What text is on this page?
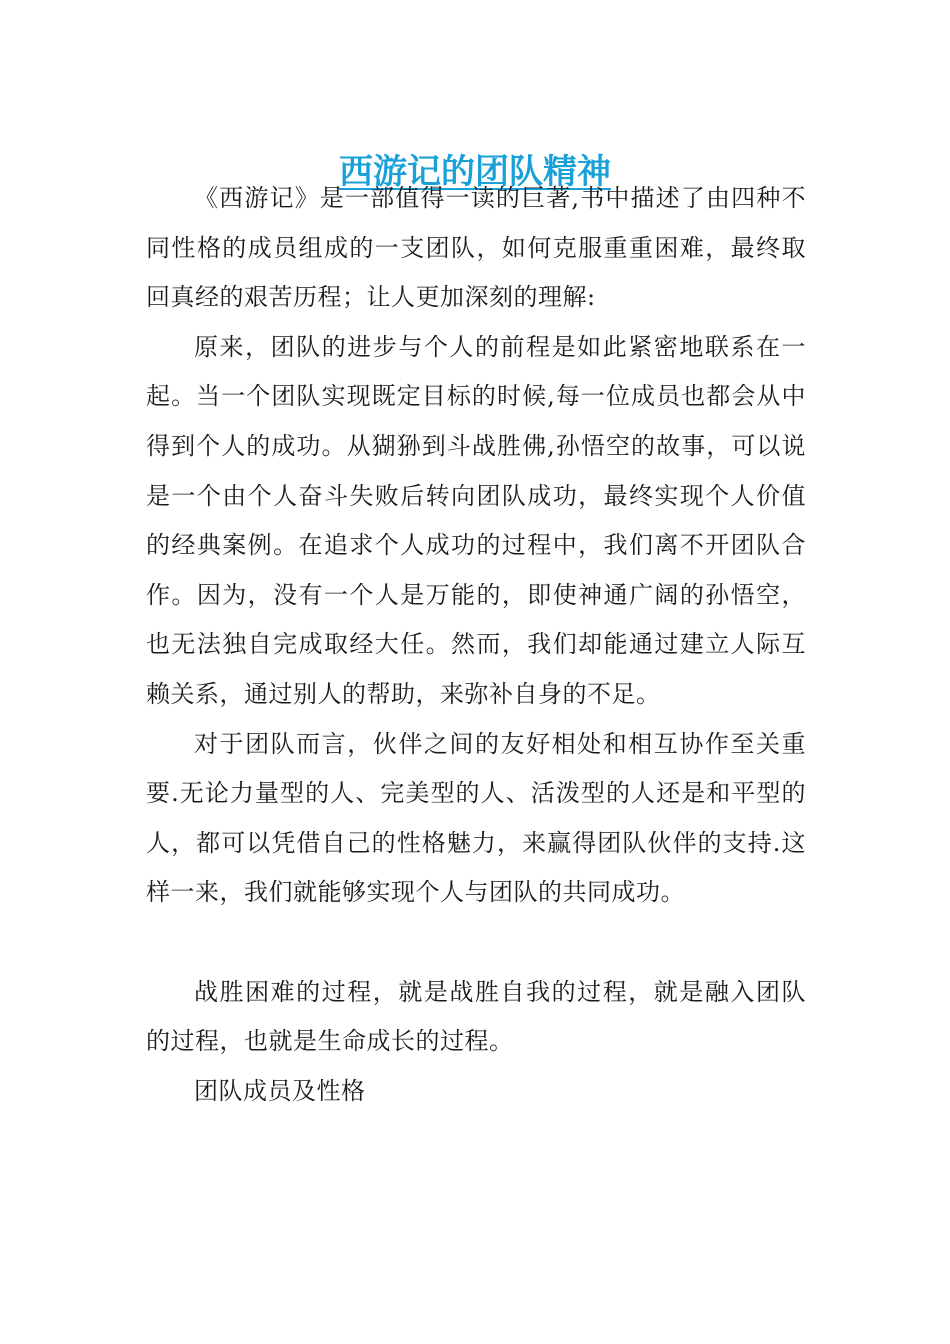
西游记的团队精神

《西游记》是一部值得一读的巨著,书中描述了由四种不同性格的成员组成的一支团队，如何克服重重困难，最终取回真经的艰苦历程；让人更加深刻的理解:

原来，团队的进步与个人的前程是如此紧密地联系在一起。当一个团队实现既定目标的时候,每一位成员也都会从中得到个人的成功。从猢狲到斗战胜佛,孙悟空的故事，可以说是一个由个人奋斗失败后转向团队成功，最终实现个人价值的经典案例。在追求个人成功的过程中，我们离不开团队合作。因为，没有一个人是万能的，即使神通广阔的孙悟空，也无法独自完成取经大任。然而，我们却能通过建立人际互赖关系，通过别人的帮助，来弥补自身的不足。

对于团队而言，伙伴之间的友好相处和相互协作至关重要.无论力量型的人、完美型的人、活泼型的人还是和平型的人，都可以凭借自己的性格魅力，来赢得团队伙伴的支持.这样一来，我们就能够实现个人与团队的共同成功。

战胜困难的过程，就是战胜自我的过程，就是融入团队的过程，也就是生命成长的过程。

团队成员及性格
